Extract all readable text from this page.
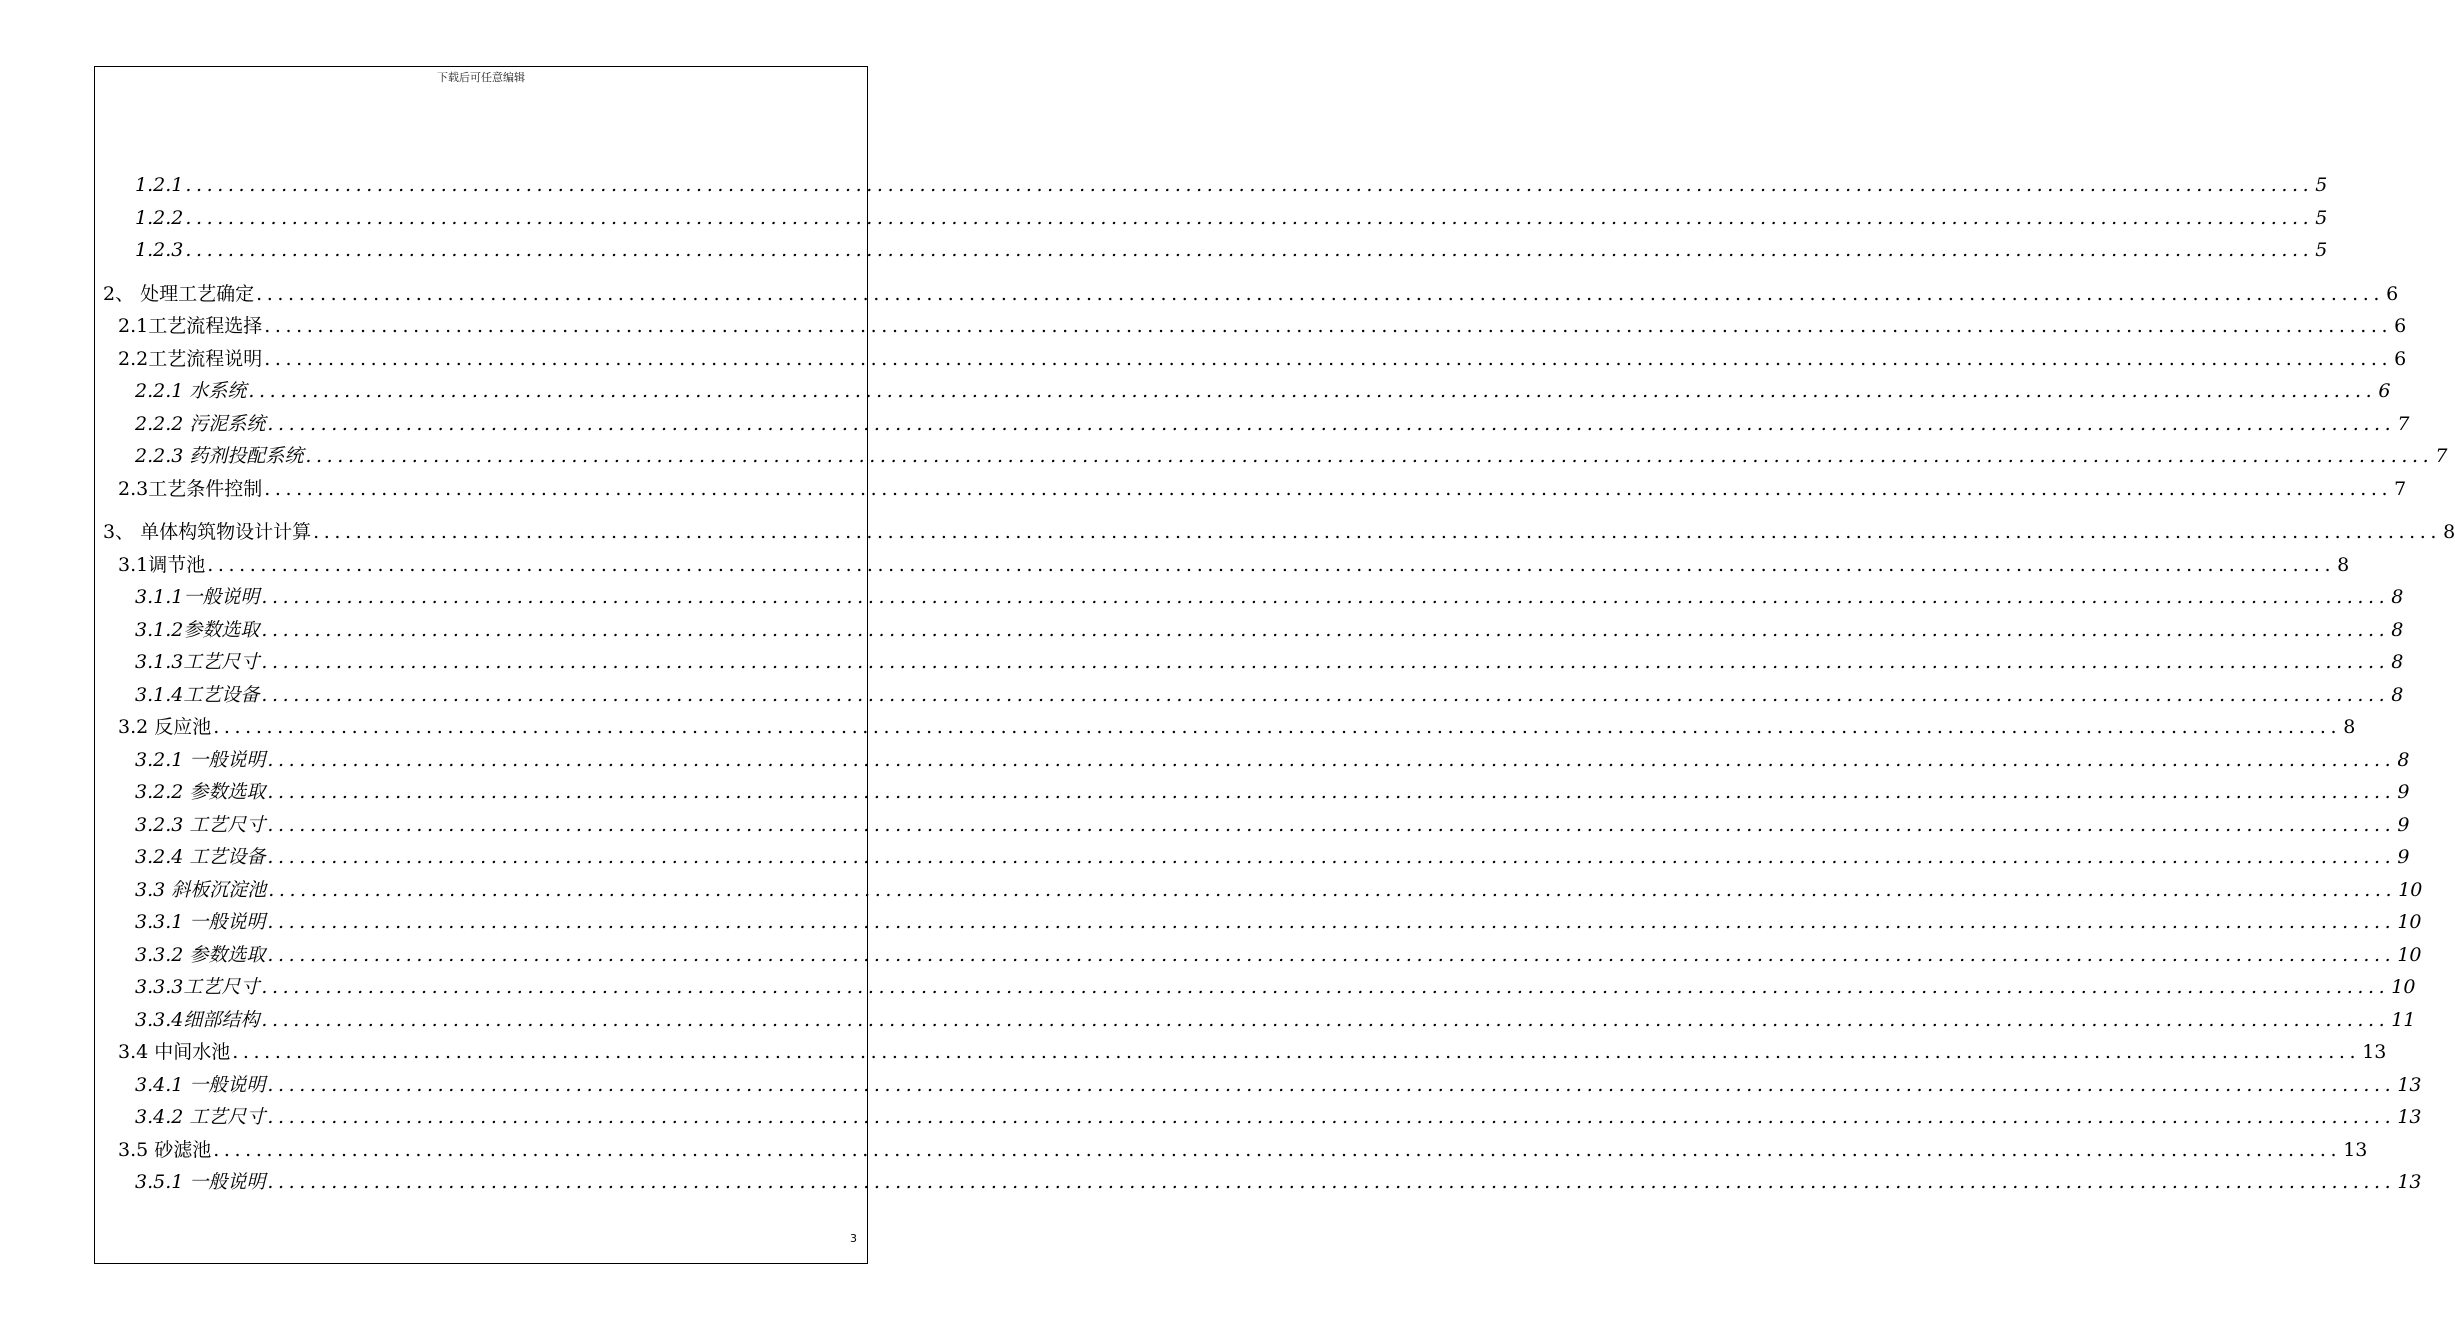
下载后可任意编辑
1.2.1 ........................................................................................................................................................................................................ 5
1.2.2 ........................................................................................................................................................................................................ 5
1.2.3 ........................................................................................................................................................................................................ 5
2、 处理工艺确定 ........................................................................................................................................................................................................ 6
2.1工艺流程选择 ........................................................................................................................................................................................................ 6
2.2工艺流程说明 ........................................................................................................................................................................................................ 6
2.2.1 水系统 ........................................................................................................................................................................................................ 6
2.2.2 污泥系统 ........................................................................................................................................................................................................ 7
2.2.3 药剂投配系统 ........................................................................................................................................................................................................ 7
2.3工艺条件控制 ........................................................................................................................................................................................................ 7
3、 单体构筑物设计计算 ........................................................................................................................................................................................................ 8
3.1调节池 ........................................................................................................................................................................................................ 8
3.1.1一般说明 ........................................................................................................................................................................................................ 8
3.1.2参数选取 ........................................................................................................................................................................................................ 8
3.1.3工艺尺寸 ........................................................................................................................................................................................................ 8
3.1.4工艺设备 ........................................................................................................................................................................................................ 8
3.2 反应池 ........................................................................................................................................................................................................ 8
3.2.1 一般说明 ........................................................................................................................................................................................................ 8
3.2.2 参数选取 ........................................................................................................................................................................................................ 9
3.2.3 工艺尺寸 ........................................................................................................................................................................................................ 9
3.2.4 工艺设备 ........................................................................................................................................................................................................ 9
3.3 斜板沉淀池 ........................................................................................................................................................................................................ 10
3.3.1 一般说明 ........................................................................................................................................................................................................ 10
3.3.2 参数选取 ........................................................................................................................................................................................................ 10
3.3.3工艺尺寸 ........................................................................................................................................................................................................ 10
3.3.4细部结构 ........................................................................................................................................................................................................ 11
3.4 中间水池 ........................................................................................................................................................................................................ 13
3.4.1 一般说明 ........................................................................................................................................................................................................ 13
3.4.2 工艺尺寸 ........................................................................................................................................................................................................ 13
3.5 砂滤池 ........................................................................................................................................................................................................ 13
3.5.1 一般说明 ........................................................................................................................................................................................................ 13
3
